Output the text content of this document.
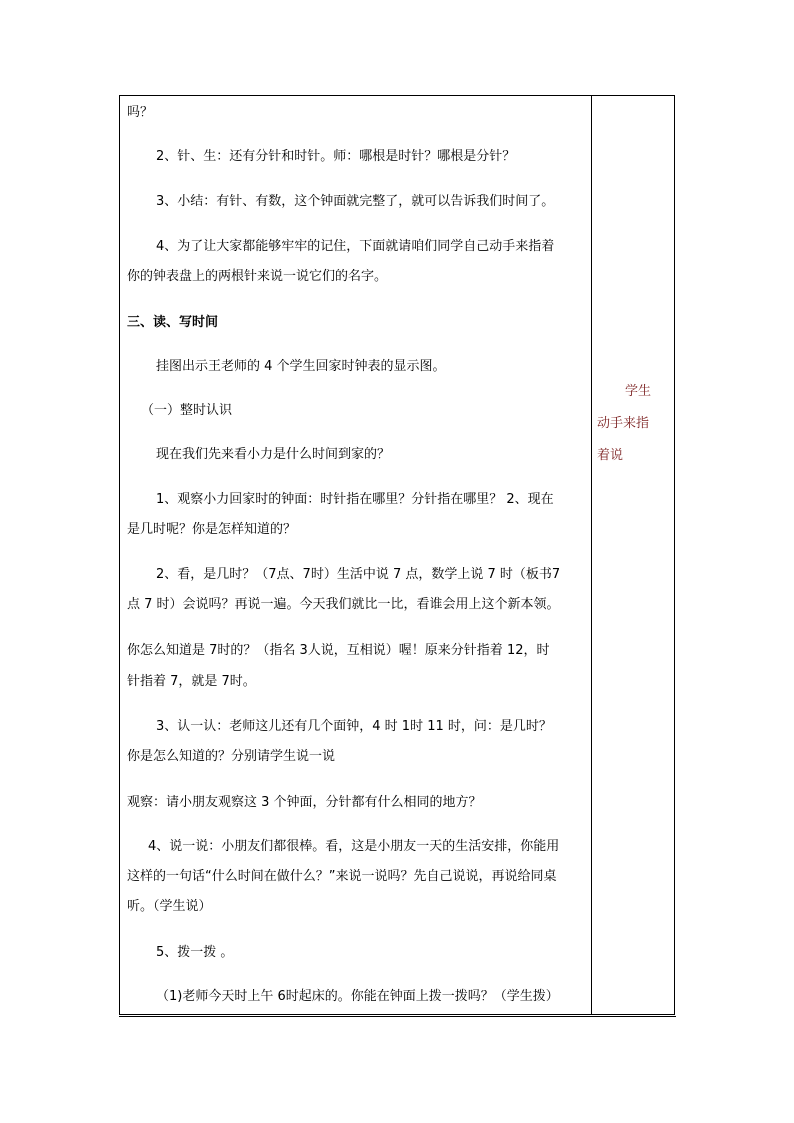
吗？
2、针、生：还有分针和时针。师：哪根是时针？哪根是分针？
3、小结：有针、有数，这个钟面就完整了，就可以告诉我们时间了。
4、为了让大家都能够牢牢的记住，下面就请咱们同学自己动手来指着
你的钟表盘上的两根针来说一说它们的名字。
三、读、写时间
挂图出示王老师的 4 个学生回家时钟表的显示图。
（一）整时认识
现在我们先来看小力是什么时间到家的？
1、观察小力回家时的钟面：时针指在哪里？分针指在哪里？ 2、现在
是几时呢？你是怎样知道的？
2、看，是几时？（7点、7时）生活中说 7 点，数学上说 7 时（板书7
点 7 时）会说吗？再说一遍。今天我们就比一比，看谁会用上这个新本领。
你怎么知道是 7时的？（指名 3人说，互相说）喔！原来分针指着 12，时
针指着 7，就是 7时。
3、认一认：老师这儿还有几个面钟，4 时 1时 11 时，问：是几时？
你是怎么知道的？分别请学生说一说
观察：请小朋友观察这 3 个钟面，分针都有什么相同的地方？
4、说一说：小朋友们都很棒。看，这是小朋友一天的生活安排，你能用
这样的一句话“什么时间在做什么？”来说一说吗？先自己说说，再说给同桌
听。（学生说）
5、拨一拨 。
（1)老师今天时上午 6时起床的。你能在钟面上拨一拨吗？（学生拨）
学生
动手来指
着说
